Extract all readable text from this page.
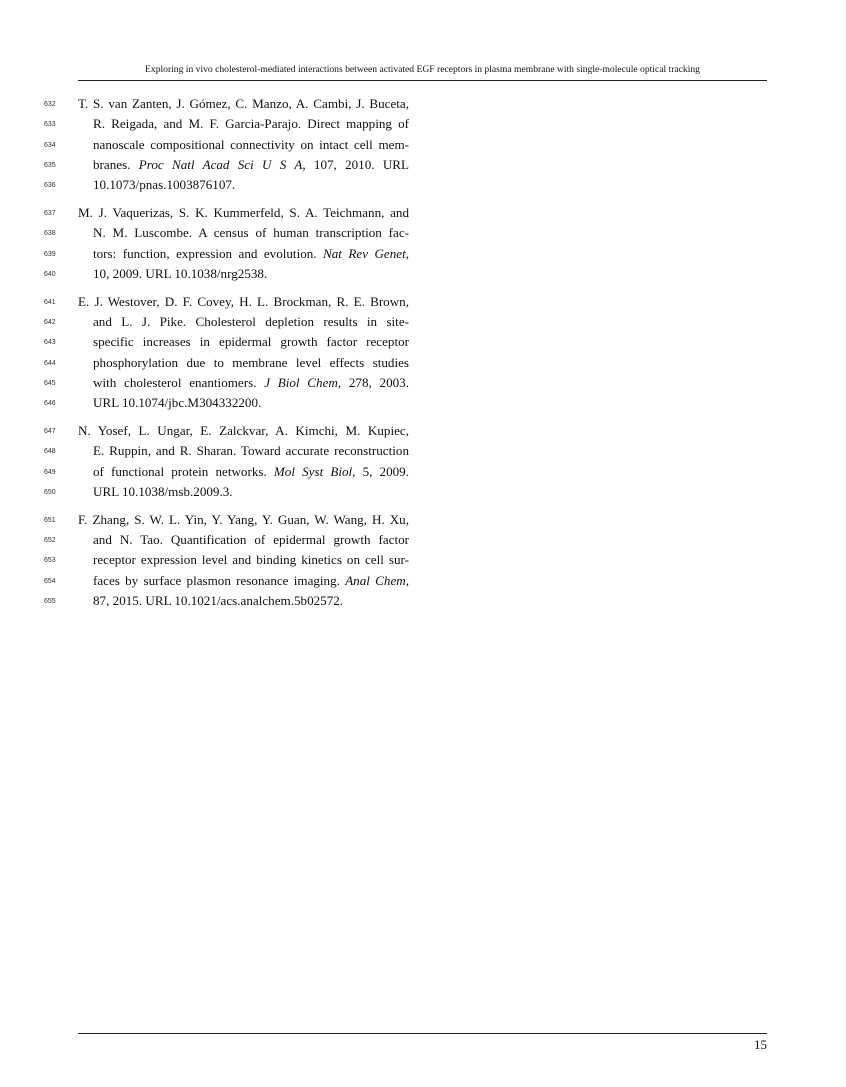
Exploring in vivo cholesterol-mediated interactions between activated EGF receptors in plasma membrane with single-molecule optical tracking
632	T. S. van Zanten, J. Gómez, C. Manzo, A. Cambi, J. Buceta,
633	R. Reigada, and M. F. Garcia-Parajo. Direct mapping of
634	nanoscale compositional connectivity on intact cell mem-
635	branes. Proc Natl Acad Sci U S A, 107, 2010. URL
636	10.1073/pnas.1003876107.
637	M. J. Vaquerizas, S. K. Kummerfeld, S. A. Teichmann, and
638	N. M. Luscombe. A census of human transcription fac-
639	tors: function, expression and evolution. Nat Rev Genet,
640	10, 2009. URL 10.1038/nrg2538.
641	E. J. Westover, D. F. Covey, H. L. Brockman, R. E. Brown,
642	and L. J. Pike. Cholesterol depletion results in site-
643	specific increases in epidermal growth factor receptor
644	phosphorylation due to membrane level effects studies
645	with cholesterol enantiomers. J Biol Chem, 278, 2003.
646	URL 10.1074/jbc.M304332200.
647	N. Yosef, L. Ungar, E. Zalckvar, A. Kimchi, M. Kupiec,
648	E. Ruppin, and R. Sharan. Toward accurate reconstruction
649	of functional protein networks. Mol Syst Biol, 5, 2009.
650	URL 10.1038/msb.2009.3.
651	F. Zhang, S. W. L. Yin, Y. Yang, Y. Guan, W. Wang, H. Xu,
652	and N. Tao. Quantification of epidermal growth factor
653	receptor expression level and binding kinetics on cell sur-
654	faces by surface plasmon resonance imaging. Anal Chem,
655	87, 2015. URL 10.1021/acs.analchem.5b02572.
15
